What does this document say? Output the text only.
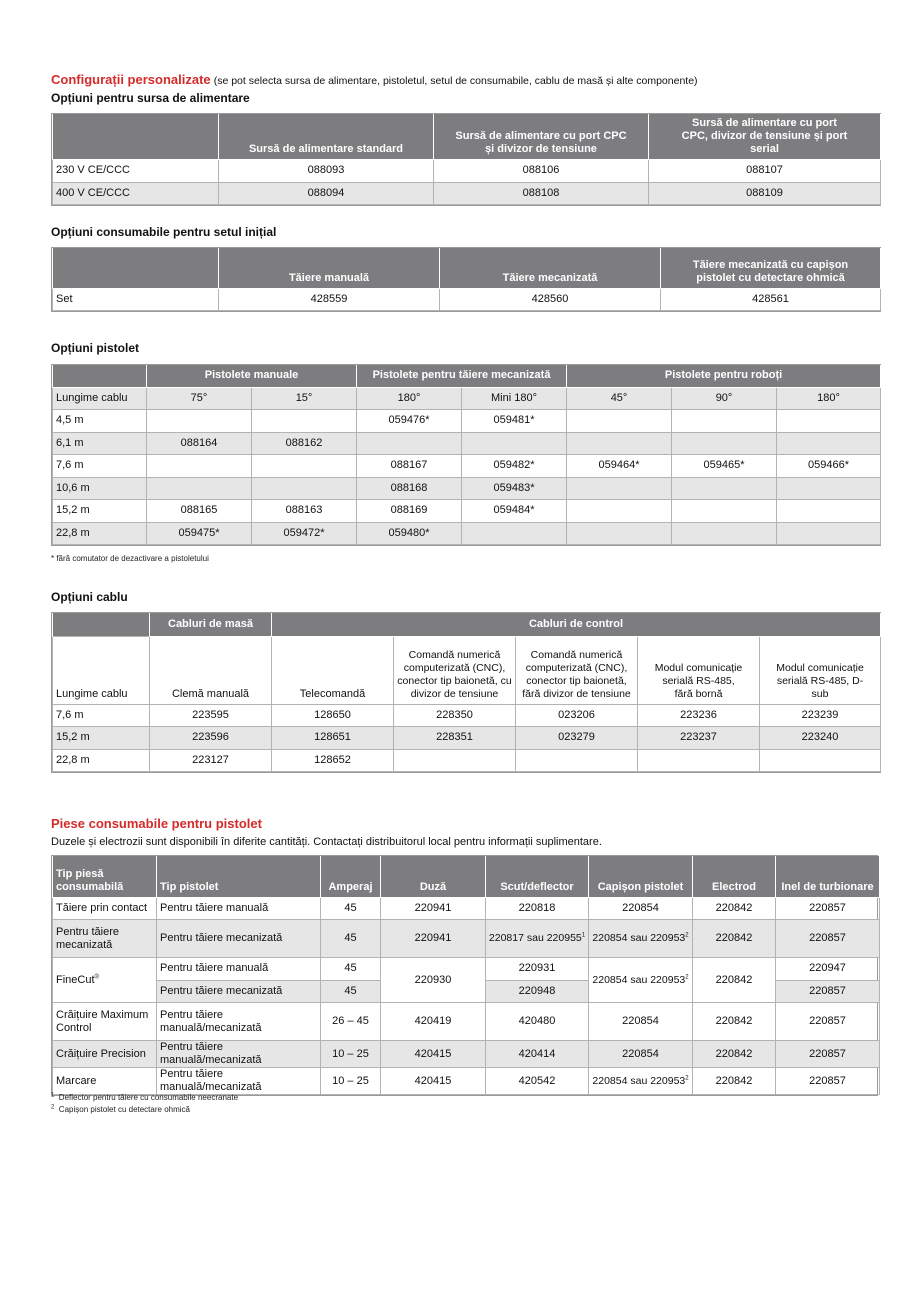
Configurații personalizate (se pot selecta sursa de alimentare, pistoletul, setul de consumabile, cablu de masă și alte componente)
Opțiuni pentru sursa de alimentare
	Sursă de alimentare standard	Sursă de alimentare cu port CPC și divizor de tensiune	Sursă de alimentare cu port CPC, divizor de tensiune și port serial
230 V CE/CCC	088093	088106	088107
400 V CE/CCC	088094	088108	088109
Opțiuni consumabile pentru setul inițial
	Tăiere manuală	Tăiere mecanizată	Tăiere mecanizată cu capișon pistolet cu detectare ohmică
Set	428559	428560	428561
Opțiuni pistolet
	Pistolete manuale		Pistolete pentru tăiere mecanizată		Pistolete pentru roboți		
Lungime cablu	75°	15°	180°	Mini 180°	45°	90°	180°
4,5 m			059476*	059481*			
6,1 m	088164	088162					
7,6 m			088167	059482*	059464*	059465*	059466*
10,6 m			088168	059483*			
15,2 m	088165	088163	088169	059484*			
22,8 m	059475*	059472*	059480*				
* fără comutator de dezactivare a pistoletului
Opțiuni cablu
	Cabluri de masă	Cabluri de control				
Lungime cablu	Clemă manuală	Telecomandă	Comandă numerică computerizată (CNC), conector tip baionetă, cu divizor de tensiune	Comandă numerică computerizată (CNC), conector tip baionetă, fără divizor de tensiune	Modul comunicație serială RS-485, fără bornă	Modul comunicație serială RS-485, D-sub
7,6 m	223595	128650	228350	023206	223236	223239
15,2 m	223596	128651	228351	023279	223237	223240
22,8 m	223127	128652				
Piese consumabile pentru pistolet
Duzele și electrozii sunt disponibili în diferite cantități. Contactați distribuitorul local pentru informații suplimentare.
Tip piesă consumabilă	Tip pistolet	Amperaj	Duză	Scut/deflector	Capișon pistolet	Electrod	Inel de turbionare
Tăiere prin contact	Pentru tăiere manuală	45	220941	220818	220854	220842	220857
Pentru tăiere mecanizată	Pentru tăiere mecanizată	45	220941	220817 sau 220955$^1$	220854 sau 220953$^2$	220842	220857
FineCut®	Pentru tăiere manuală	45	220930	220931	220854 sau 220953$^2$	220842	220947
	Pentru tăiere mecanizată	45		220948			220857
Crăițuire Maximum Control	Pentru tăiere manuală/mecanizată	26 – 45	420419	420480	220854	220842	220857
Crăițuire Precision	Pentru tăiere manuală/mecanizată	10 – 25	420415	420414	220854	220842	220857
Marcare	Pentru tăiere manuală/mecanizată	10 – 25	420415	420542	220854 sau 220953$^2$	220842	220857
$^1$ Deflector pentru tăiere cu consumabile neecranate
$^2$ Capișon pistolet cu detectare ohmică
